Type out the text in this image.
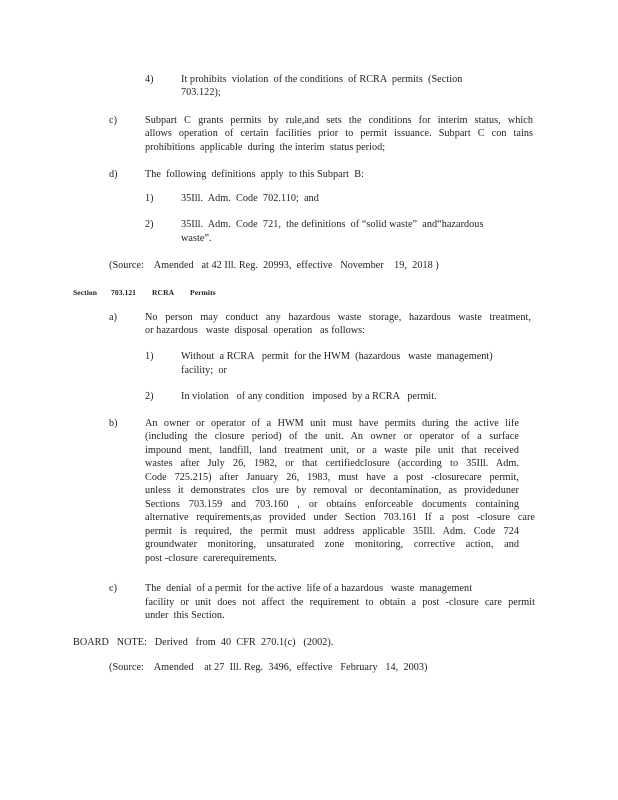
4)	It prohibits  violation  of the conditions  of RCRA  permits  (Section
703.122);
c)	Subpart C grants permits by rule,and sets the conditions for interim status, which
allows operation of certain facilities prior to permit issuance. Subpart C con tains
prohibitions  applicable  during  the interim  status period;
d)	The  following  definitions  apply  to this Subpart  B:
1)	35Ill.  Adm.  Code  702.110;  and
2)	35Ill.  Adm.  Code  721,  the definitions  of “solid waste”  and“hazardous
waste”.
(Source:    Amended   at 42 Ill. Reg.  20993,  effective   November    19,  2018 )
Section 703.121 RCRA Permits
a)	No person may conduct any hazardous waste storage, hazardous waste treatment,
or hazardous   waste  disposal  operation   as follows:
1)	Without  a RCRA   permit  for the HWM  (hazardous   waste  management)
facility;  or
2)	In violation   of any condition   imposed  by a RCRA   permit.
b)	An owner or operator of a HWM unit must have permits during the active life
(including the closure period) of the unit. An owner or operator of a surface
impound ment, landfill, land treatment unit, or a waste pile unit that received
wastes after July 26, 1982, or that certifiedclosure (according to 35Ill. Adm.
Code 725.215) after January 26, 1983, must have a post -closurecare permit,
unless it demonstrates clos ure by removal or decontamination, as provideduner
Sections 703.159 and 703.160 , or obtains enforceable documents containing
alternative requirements,as provided under Section 703.161 If a post -closure care
permit is required, the permit must address applicable 35Ill. Adm. Code 724
groundwater monitoring, unsaturated zone monitoring, corrective action, and
post -closure  carerequirements.
c)	The  denial  of a permit  for the active  life of a hazardous   waste  management
facility or unit does not affect the requirement to obtain a post -closure care permit
under  this Section.
BOARD   NOTE:   Derived   from  40  CFR  270.1(c)   (2002).
(Source:    Amended    at 27  Ill. Reg.  3496,  effective   February   14,  2003)
